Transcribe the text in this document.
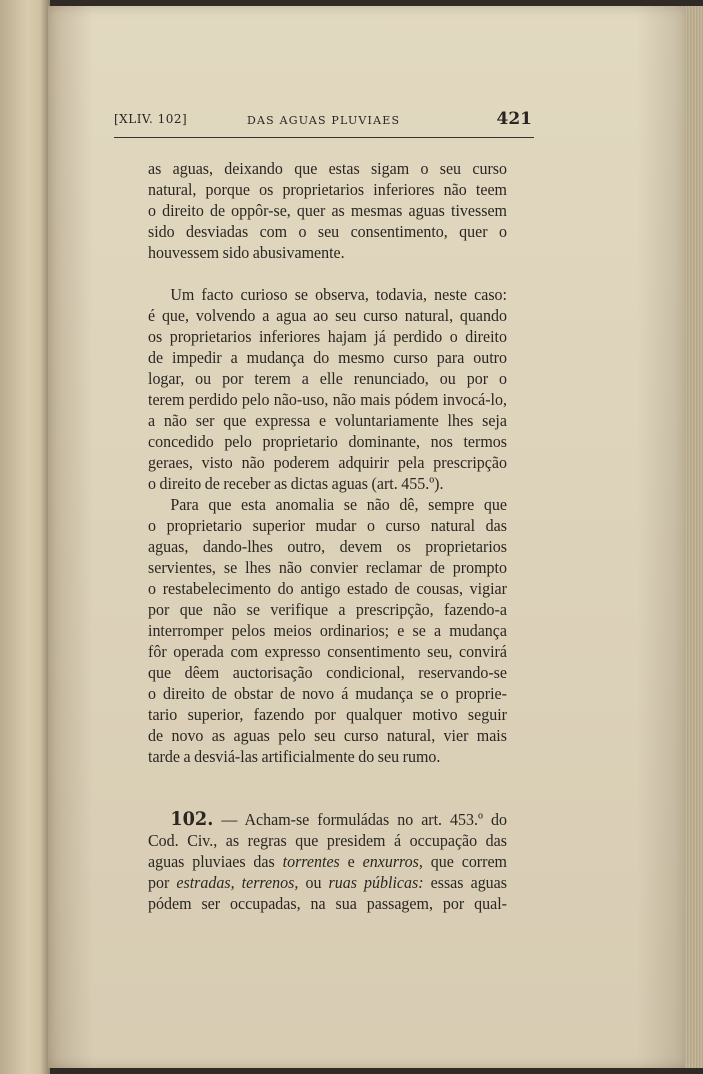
[XLIV. 102]	DAS AGUAS PLUVIAES	421

as aguas, deixando que estas sigam o seu curso

natural, porque os proprietarios inferiores não teem

o direito de oppôr-se, quer as mesmas aguas tivessem

sido desviadas com o seu consentimento, quer o

houvessem sido abusivamente.

Um facto curioso se observa, todavia, neste caso:

é que, volvendo a agua ao seu curso natural, quando

os proprietarios inferiores hajam já perdido o direito

de impedir a mudança do mesmo curso para outro

logar, ou por terem a elle renunciado, ou por o

terem perdido pelo não-uso, não mais pódem invocá-lo,

a não ser que expressa e voluntariamente lhes seja

concedido pelo proprietario dominante, nos termos

geraes, visto não poderem adquirir pela prescripção

o direito de receber as dictas aguas (art. 455.º).

Para que esta anomalia se não dê, sempre que

o proprietario superior mudar o curso natural das

aguas, dando-lhes outro, devem os proprietarios

servientes, se lhes não convier reclamar de prompto

o restabelecimento do antigo estado de cousas, vigiar

por que não se verifique a prescripção, fazendo-a

interromper pelos meios ordinarios; e se a mudança

fôr operada com expresso consentimento seu, convirá

que dêem auctorisação condicional, reservando-se

o direito de obstar de novo á mudança se o proprie-

tario superior, fazendo por qualquer motivo seguir

de novo as aguas pelo seu curso natural, vier mais

tarde a desviá-las artificialmente do seu rumo.

102. — Acham-se formuládas no art. 453.º do

Cod. Civ., as regras que presidem á occupação das

aguas pluviaes das torrentes e enxurros, que correm

por estradas, terrenos, ou ruas públicas: essas aguas

pódem ser occupadas, na sua passagem, por qual-
